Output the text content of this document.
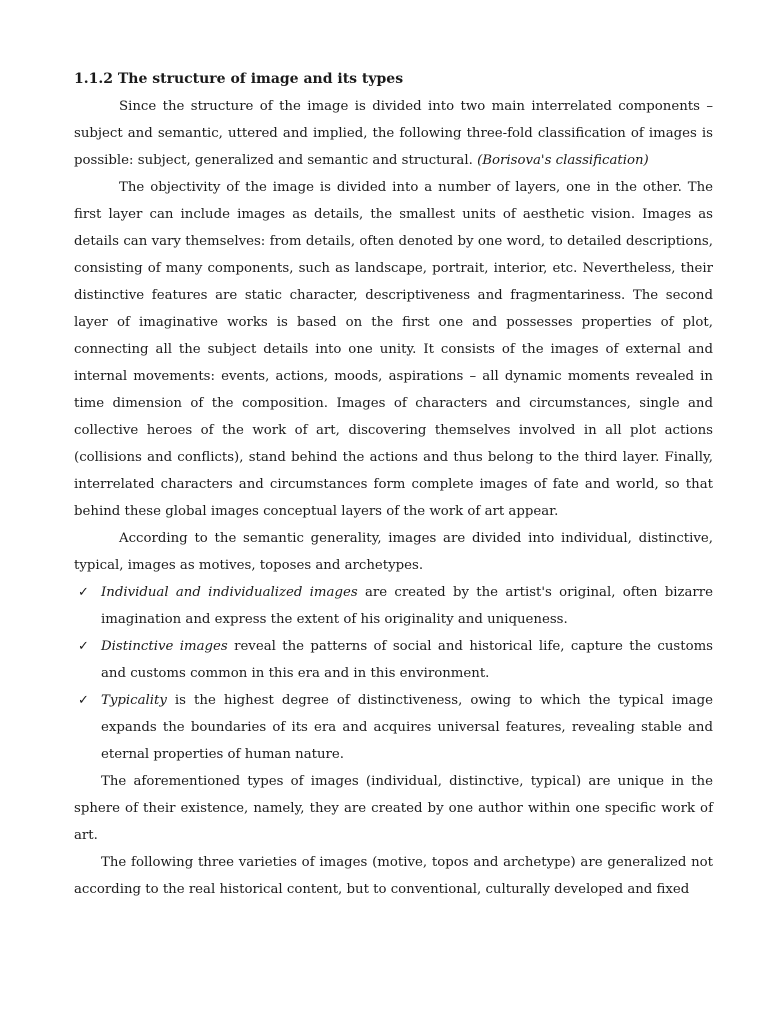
1.1.2 The structure of image and its types

Since the structure of the image is divided into two main interrelated components – subject and semantic, uttered and implied, the following three-fold classification of images is possible: subject, generalized and semantic and structural. (Borisova's classification)

The objectivity of the image is divided into a number of layers, one in the other. The first layer can include images as details, the smallest units of aesthetic vision. Images as details can vary themselves: from details, often denoted by one word, to detailed descriptions, consisting of many components, such as landscape, portrait, interior, etc. Nevertheless, their distinctive features are static character, descriptiveness and fragmentariness. The second layer of imaginative works is based on the first one and possesses properties of plot, connecting all the subject details into one unity. It consists of the images of external and internal movements: events, actions, moods, aspirations – all dynamic moments revealed in time dimension of the composition. Images of characters and circumstances, single and collective heroes of the work of art, discovering themselves involved in all plot actions (collisions and conflicts), stand behind the actions and thus belong to the third layer. Finally, interrelated characters and circumstances form complete images of fate and world, so that behind these global images conceptual layers of the work of art appear.

According to the semantic generality, images are divided into individual, distinctive, typical, images as motives, toposes and archetypes.

✓ Individual and individualized images are created by the artist's original, often bizarre imagination and express the extent of his originality and uniqueness.
✓ Distinctive images reveal the patterns of social and historical life, capture the customs and customs common in this era and in this environment.
✓ Typicality is the highest degree of distinctiveness, owing to which the typical image expands the boundaries of its era and acquires universal features, revealing stable and eternal properties of human nature.

The aforementioned types of images (individual, distinctive, typical) are unique in the sphere of their existence, namely, they are created by one author within one specific work of art.

The following three varieties of images (motive, topos and archetype) are generalized not according to the real historical content, but to conventional, culturally developed and fixed
